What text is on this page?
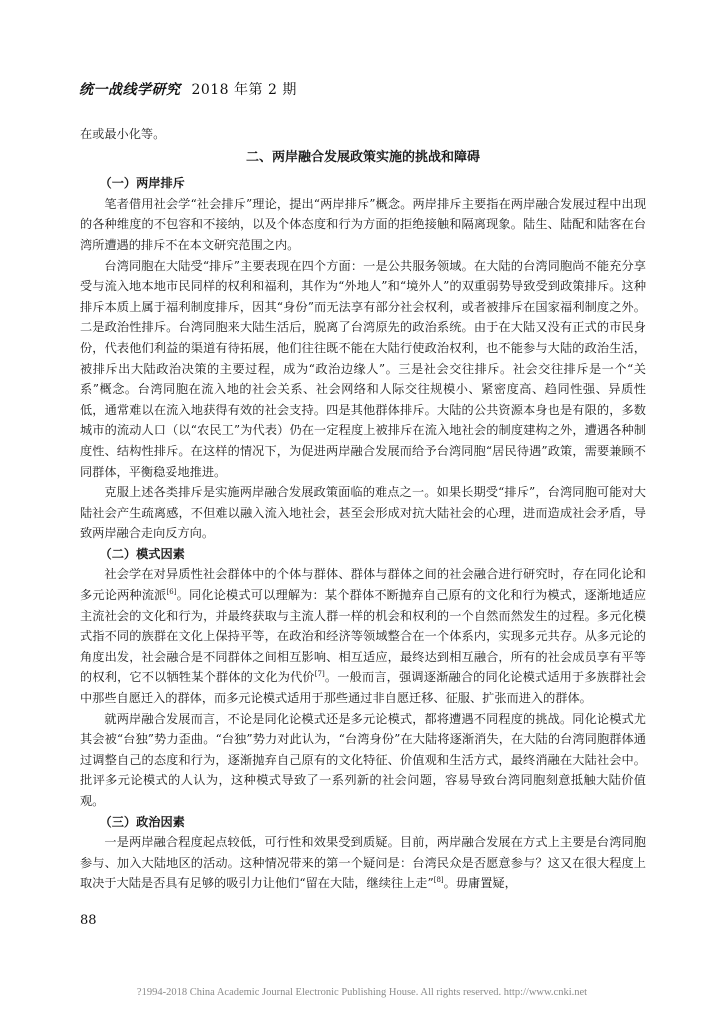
统一战线学研究 2018 年第 2 期

在或最小化等。

二、两岸融合发展政策实施的挑战和障碍

（一）两岸排斥

笔者借用社会学“社会排斥”理论，提出“两岸排斥”概念。两岸排斥主要指在两岸融合发展过程中出现的各种维度的不包容和不接纳，以及个体态度和行为方面的拒绝接触和隔离现象。陆生、陆配和陆客在台湾所遭遇的排斥不在本文研究范围之内。

台湾同胞在大陆受“排斥”主要表现在四个方面：一是公共服务领域。在大陆的台湾同胞尚不能充分享受与流入地本地市民同样的权利和福利，其作为“外地人”和“境外人”的双重弱势导致受到政策排斥。这种排斥本质上属于福利制度排斥，因其“身份”而无法享有部分社会权利，或者被排斥在国家福利制度之外。二是政治性排斥。台湾同胞来大陆生活后，脱离了台湾原先的政治系统。由于在大陆又没有正式的市民身份，代表他们利益的渠道有待拓展，他们往往既不能在大陆行使政治权利，也不能参与大陆的政治生活，被排斥出大陆政治决策的主要过程，成为“政治边缘人”。三是社会交往排斥。社会交往排斥是一个“关系”概念。台湾同胞在流入地的社会关系、社会网络和人际交往规模小、紧密度高、趋同性强、异质性低，通常难以在流入地获得有效的社会支持。四是其他群体排斥。大陆的公共资源本身也是有限的，多数城市的流动人口（以“农民工”为代表）仍在一定程度上被排斥在流入地社会的制度建构之外，遭遇各种制度性、结构性排斥。在这样的情况下，为促进两岸融合发展而给予台湾同胞“居民待遇”政策，需要兼顾不同群体，平衡稳妥地推进。

克服上述各类排斥是实施两岸融合发展政策面临的难点之一。如果长期受“排斥”，台湾同胞可能对大陆社会产生疏离感，不但难以融入流入地社会，甚至会形成对抗大陆社会的心理，进而造成社会矛盾，导致两岸融合走向反方向。

（二）模式因素

社会学在对异质性社会群体中的个体与群体、群体与群体之间的社会融合进行研究时，存在同化论和多元论两种流派[6]。同化论模式可以理解为：某个群体不断抛弃自己原有的文化和行为模式，逐渐地适应主流社会的文化和行为，并最终获取与主流人群一样的机会和权利的一个自然而然发生的过程。多元化模式指不同的族群在文化上保持平等，在政治和经济等领域整合在一个体系内，实现多元共存。从多元论的角度出发，社会融合是不同群体之间相互影响、相互适应，最终达到相互融合，所有的社会成员享有平等的权利，它不以牺牲某个群体的文化为代价[7]。一般而言，强调逐渐融合的同化论模式适用于多族群社会中那些自愿迁入的群体，而多元论模式适用于那些通过非自愿迁移、征服、扩张而进入的群体。

就两岸融合发展而言，不论是同化论模式还是多元论模式，都将遭遇不同程度的挑战。同化论模式尤其会被“台独”势力歪曲。“台独”势力对此认为，“台湾身份”在大陆将逐渐消失，在大陆的台湾同胞群体通过调整自己的态度和行为，逐渐抛弃自己原有的文化特征、价值观和生活方式，最终消融在大陆社会中。批评多元论模式的人认为，这种模式导致了一系列新的社会问题，容易导致台湾同胞刻意抵触大陆价值观。

（三）政治因素

一是两岸融合程度起点较低，可行性和效果受到质疑。目前，两岸融合发展在方式上主要是台湾同胞参与、加入大陆地区的活动。这种情况带来的第一个疑问是：台湾民众是否愿意参与？这又在很大程度上取决于大陆是否具有足够的吸引力让他们“留在大陆，继续往上走”[8]。毋庸置疑，

88
?1994-2018 China Academic Journal Electronic Publishing House. All rights reserved. http://www.cnki.net
